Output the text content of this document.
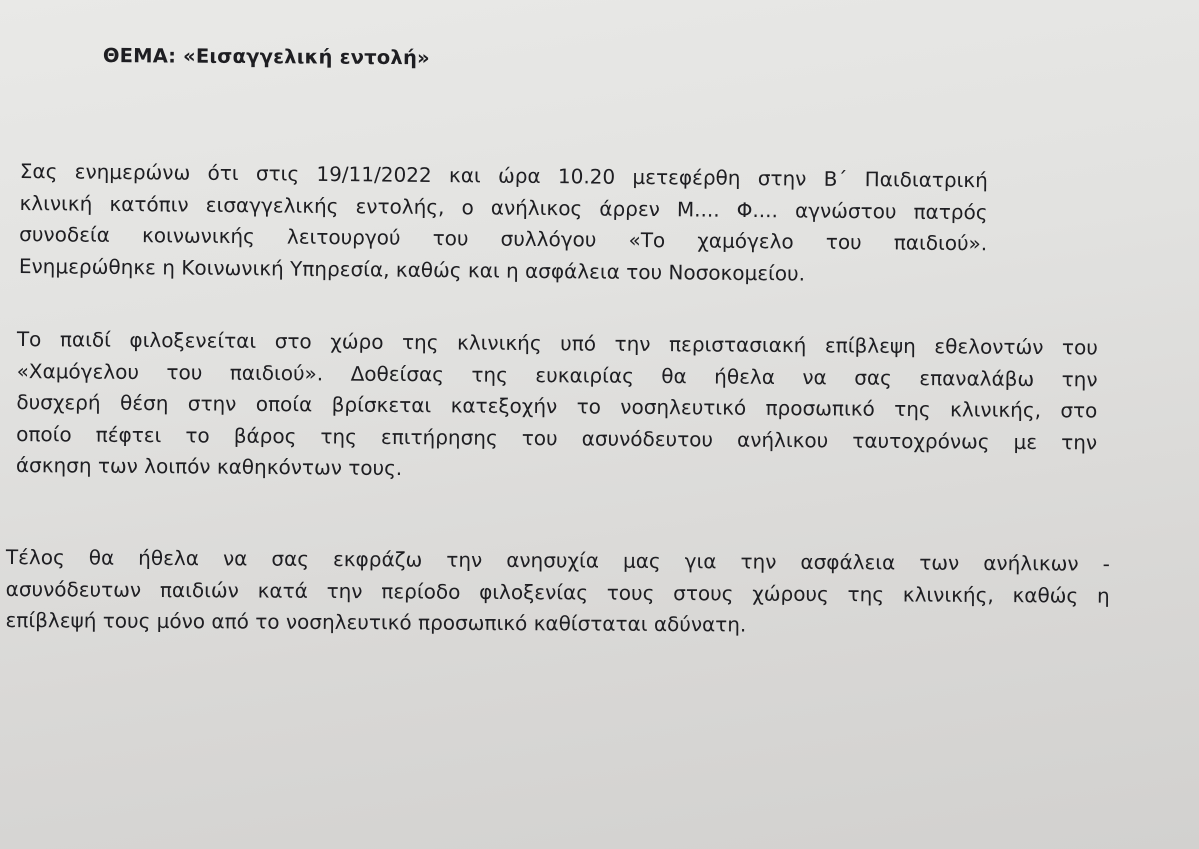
ΘΕΜΑ: «Εισαγγελική εντολή»
Σας ενημερώνω ότι στις 19/11/2022 και ώρα 10.20 μετεφέρθη στην Β΄ Παιδιατρική
κλινική κατόπιν εισαγγελικής εντολής, ο ανήλικος άρρεν Μ.... Φ.... αγνώστου πατρός
συνοδεία κοινωνικής λειτουργού του συλλόγου «Το χαμόγελο του παιδιού».
Ενημερώθηκε η Κοινωνική Υπηρεσία, καθώς και η ασφάλεια του Νοσοκομείου.
Το παιδί φιλοξενείται στο χώρο της κλινικής υπό την περιστασιακή επίβλεψη εθελοντών του
«Χαμόγελου του παιδιού». Δοθείσας της ευκαιρίας θα ήθελα να σας επαναλάβω την
δυσχερή θέση στην οποία βρίσκεται κατεξοχήν το νοσηλευτικό προσωπικό της κλινικής, στο
οποίο πέφτει το βάρος της επιτήρησης του ασυνόδευτου ανήλικου ταυτοχρόνως με την
άσκηση των λοιπόν καθηκόντων τους.
Τέλος θα ήθελα να σας εκφράζω την ανησυχία μας για την ασφάλεια των ανήλικων -
ασυνόδευτων παιδιών κατά την περίοδο φιλοξενίας τους στους χώρους της κλινικής, καθώς η
επίβλεψή τους μόνο από το νοσηλευτικό προσωπικό καθίσταται αδύνατη.
